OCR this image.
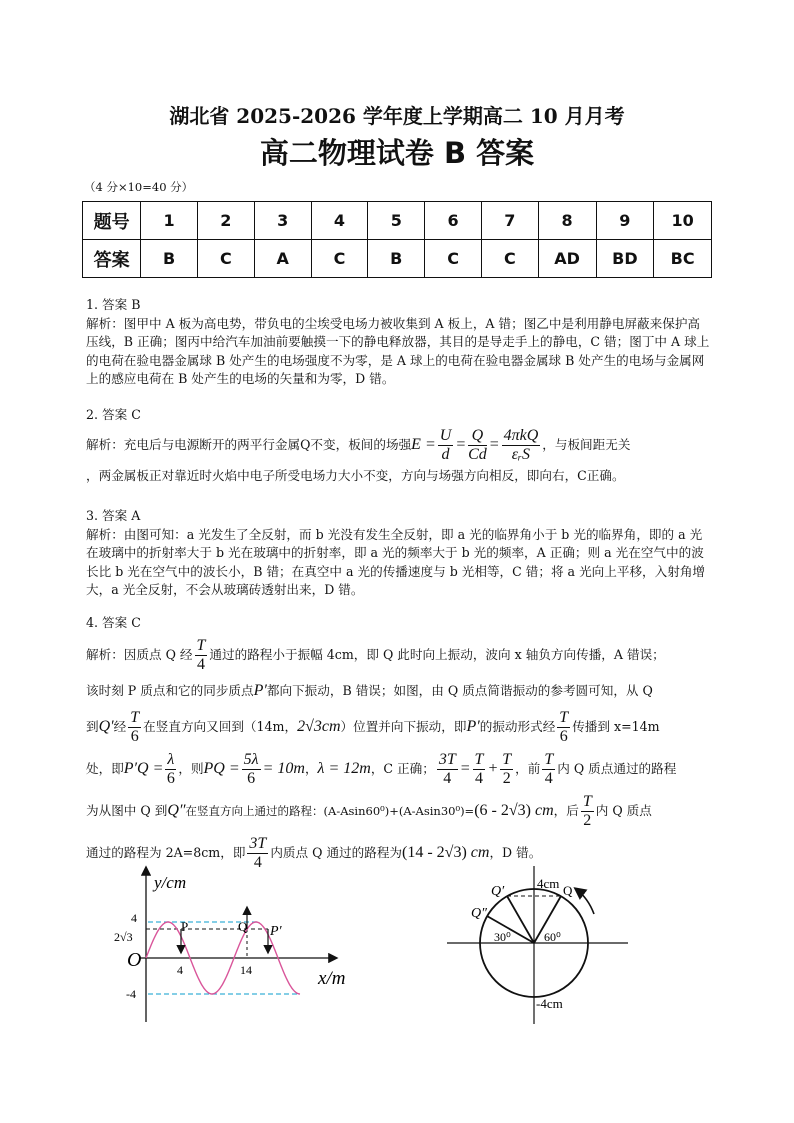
湖北省 2025-2026 学年度上学期高二 10 月月考
高二物理试卷 B 答案
（4 分×10=40 分）
题号	1	2	3	4	5	6	7	8	9	10
答案	B	C	A	C	B	C	C	AD	BD	BC
1. 答案 B
解析：图甲中 A 板为高电势，带负电的尘埃受电场力被收集到 A 板上，A 错；图乙中是利用静电屏蔽来保护高压线，B 正确；图丙中给汽车加油前要触摸一下的静电释放器，其目的是导走手上的静电，C 错；图丁中 A 球上的电荷在验电器金属球 B 处产生的电场强度不为零，是 A 球上的电荷在验电器金属球 B 处产生的电场与金属网上的感应电荷在 B 处产生的电场的矢量和为零，D 错。
2. 答案 C
解析：充电后与电源断开的两平行金属Q不变，板间的场强 $E = \frac{U}{d} = \frac{Q}{Cd} = \frac{\text{4πkQ}}{\text{εᵣS}}$ ，与板间距无关
，两金属板正对靠近时火焰中电子所受电场力大小不变，方向与场强方向相反，即向右，C正确。
3. 答案 A
解析：由图可知：a 光发生了全反射，而 b 光没有发生全反射，即 a 光的临界角小于 b 光的临界角，即的 a 光在玻璃中的折射率大于 b 光在玻璃中的折射率，即 a 光的频率大于 b 光的频率，A 正确；则 a 光在空气中的波长比 b 光在空气中的波长小，B 错；在真空中 a 光的传播速度与 b 光相等，C 错；将 a 光向上平移，入射角增大，a 光全反射，不会从玻璃砖透射出来，D 错。
4. 答案 C
解析：因质点 Q 经 $\frac{T}{4}$ 通过的路程小于振幅 4cm，即 Q 此时向上振动，波向 x 轴负方向传播，A 错误；
该时刻 P 质点和它的同步质点 P′ 都向下振动，B 错误；如图，由 Q 质点简谐振动的参考圆可知，从 Q
到 Q′ 经 $\frac{T}{6}$ 在竖直方向又回到（14m， 2√3cm ）位置并向下振动，即 P′ 的振动形式经 $\frac{T}{6}$ 传播到 x=14m
处，即 $P'Q = \frac{\lambda}{6}$ ，则 PQ = $\frac{5\lambda}{6} = 10m$ ， λ = 12m ，C 正确； $\frac{3T}{4} = \frac{T}{4} + \frac{T}{2}$ ，前 $\frac{T}{4}$ 内 Q 质点通过的路程
为从图中 Q 到 Q″ 在竖直方向上通过的路程：(A-Asin60⁰)+(A-Asin30⁰)= (6 - 2√3)
cm ，后 $\frac{T}{2}$ 内 Q 质点
通过的路程为 2A=8cm，即 $\frac{3T}{4}$ 内质点 Q 通过的路程为 (14 - 2√3)
cm ，D 错。
y/cm
x/m
O
4
2√3
-4
4	14
P	Q P′
4cm
-4cm
Q
Q′
Q″
30⁰	60⁰
